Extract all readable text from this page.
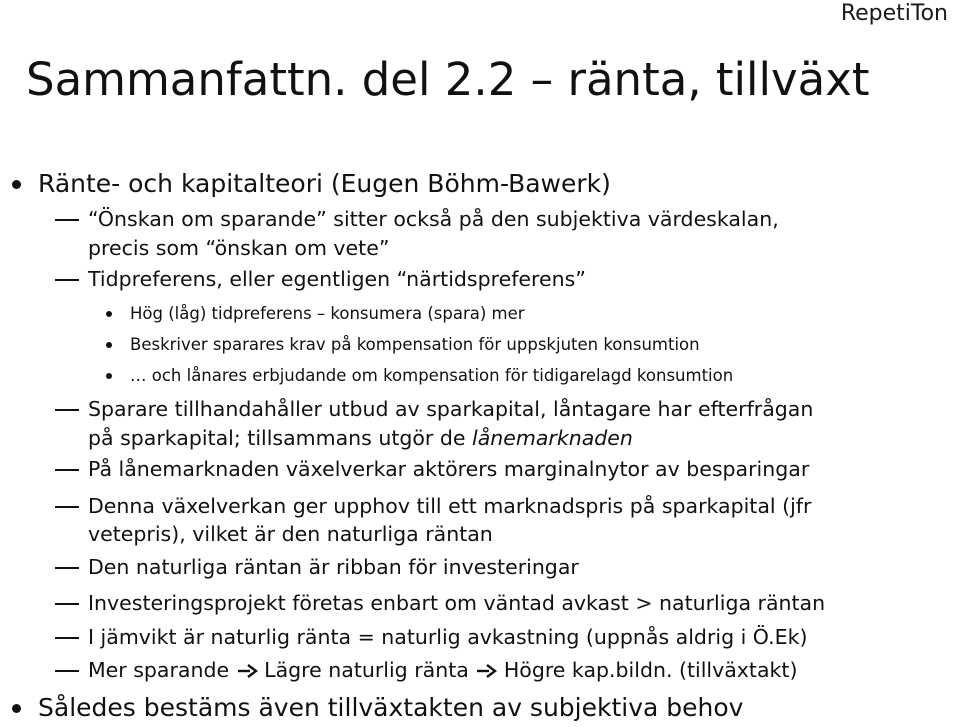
RepetiTon
Sammanfattn. del 2.2 – ränta, tillväxt
Ränte- och kapitalteori (Eugen Böhm-Bawerk)
“Önskan om sparande” sitter också på den subjektiva värdeskalan,
precis som “önskan om vete”
Tidpreferens, eller egentligen “närtidspreferens”
Hög (låg) tidpreferens – konsumera (spara) mer
Beskriver sparares krav på kompensation för uppskjuten konsumtion
… och lånares erbjudande om kompensation för tidigarelagd konsumtion
Sparare tillhandahåller utbud av sparkapital, låntagare har efterfrågan
på sparkapital; tillsammans utgör de lånemarknaden
På lånemarknaden växelverkar aktörers marginalnytor av besparingar
Denna växelverkan ger upphov till ett marknadspris på sparkapital (jfr
vetepris), vilket är den naturliga räntan
Den naturliga räntan är ribban för investeringar
Investeringsprojekt företas enbart om väntad avkast > naturliga räntan
I jämvikt är naturlig ränta = naturlig avkastning (uppnås aldrig i Ö.Ek)
Mer sparande Lägre naturlig ränta Högre kap.bildn. (tillväxtakt)
Således bestäms även tillväxtakten av subjektiva behov
